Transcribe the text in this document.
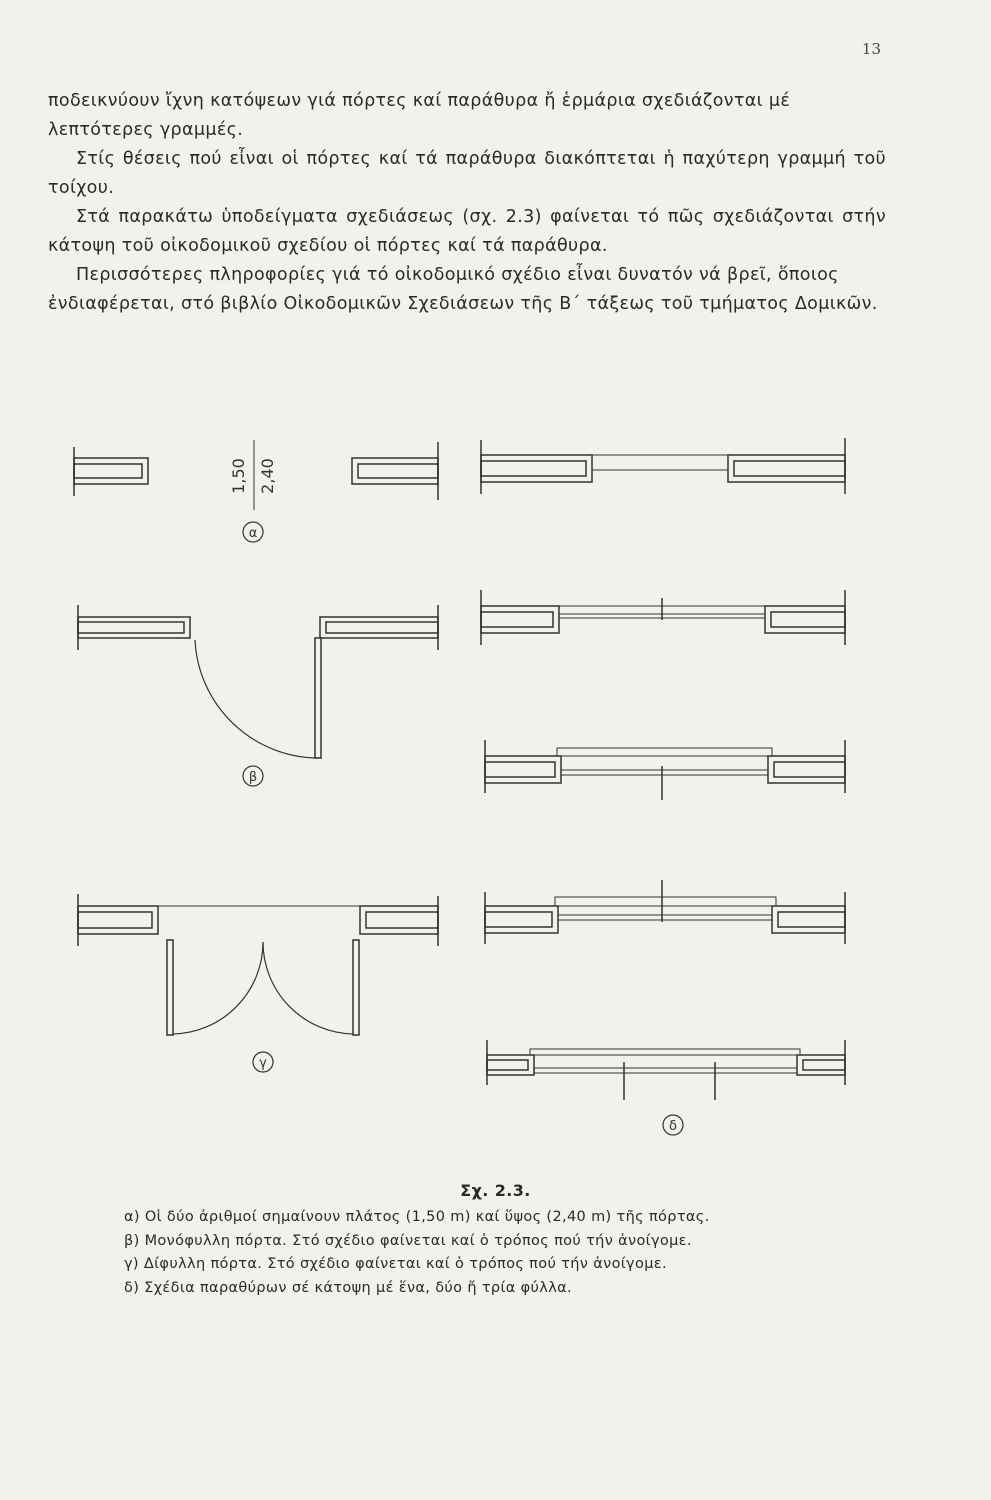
13

ποδεικνύουν ἴχνη κατόψεων γιά πόρτες καί παράθυρα ἤ ἑρμάρια σχεδιάζονται μέ λεπτότερες γραμμές.

Στίς θέσεις πού εἶναι οἱ πόρτες καί τά παράθυρα διακόπτεται ἡ παχύτερη γραμμή τοῦ τοίχου.

Στά παρακάτω ὑποδείγματα σχεδιάσεως (σχ. 2.3) φαίνεται τό πῶς σχεδιάζονται στήν κάτοψη τοῦ οἰκοδομικοῦ σχεδίου οἱ πόρτες καί τά παράθυρα.

Περισσότερες πληροφορίες γιά τό οἰκοδομικό σχέδιο εἶναι δυνατόν νά βρεῖ, ὅποιος ἐνδιαφέρεται, στό βιβλίο Οἰκοδομικῶν Σχεδιάσεων τῆς Β΄ τάξεως τοῦ τμήματος Δομικῶν.

1,50 2,40
α
β
γ
δ
Σχ. 2.3.
α) Οἱ δύο ἀριθμοί σημαίνουν πλάτος (1,50 m) καί ὕψος (2,40 m) τῆς πόρτας.
β) Μονόφυλλη πόρτα. Στό σχέδιο φαίνεται καί ὁ τρόπος πού τήν ἀνοίγομε.
γ) Δίφυλλη πόρτα. Στό σχέδιο φαίνεται καί ὁ τρόπος πού τήν ἀνοίγομε.
δ) Σχέδια παραθύρων σέ κάτοψη μέ ἕνα, δύο ἤ τρία φύλλα.
